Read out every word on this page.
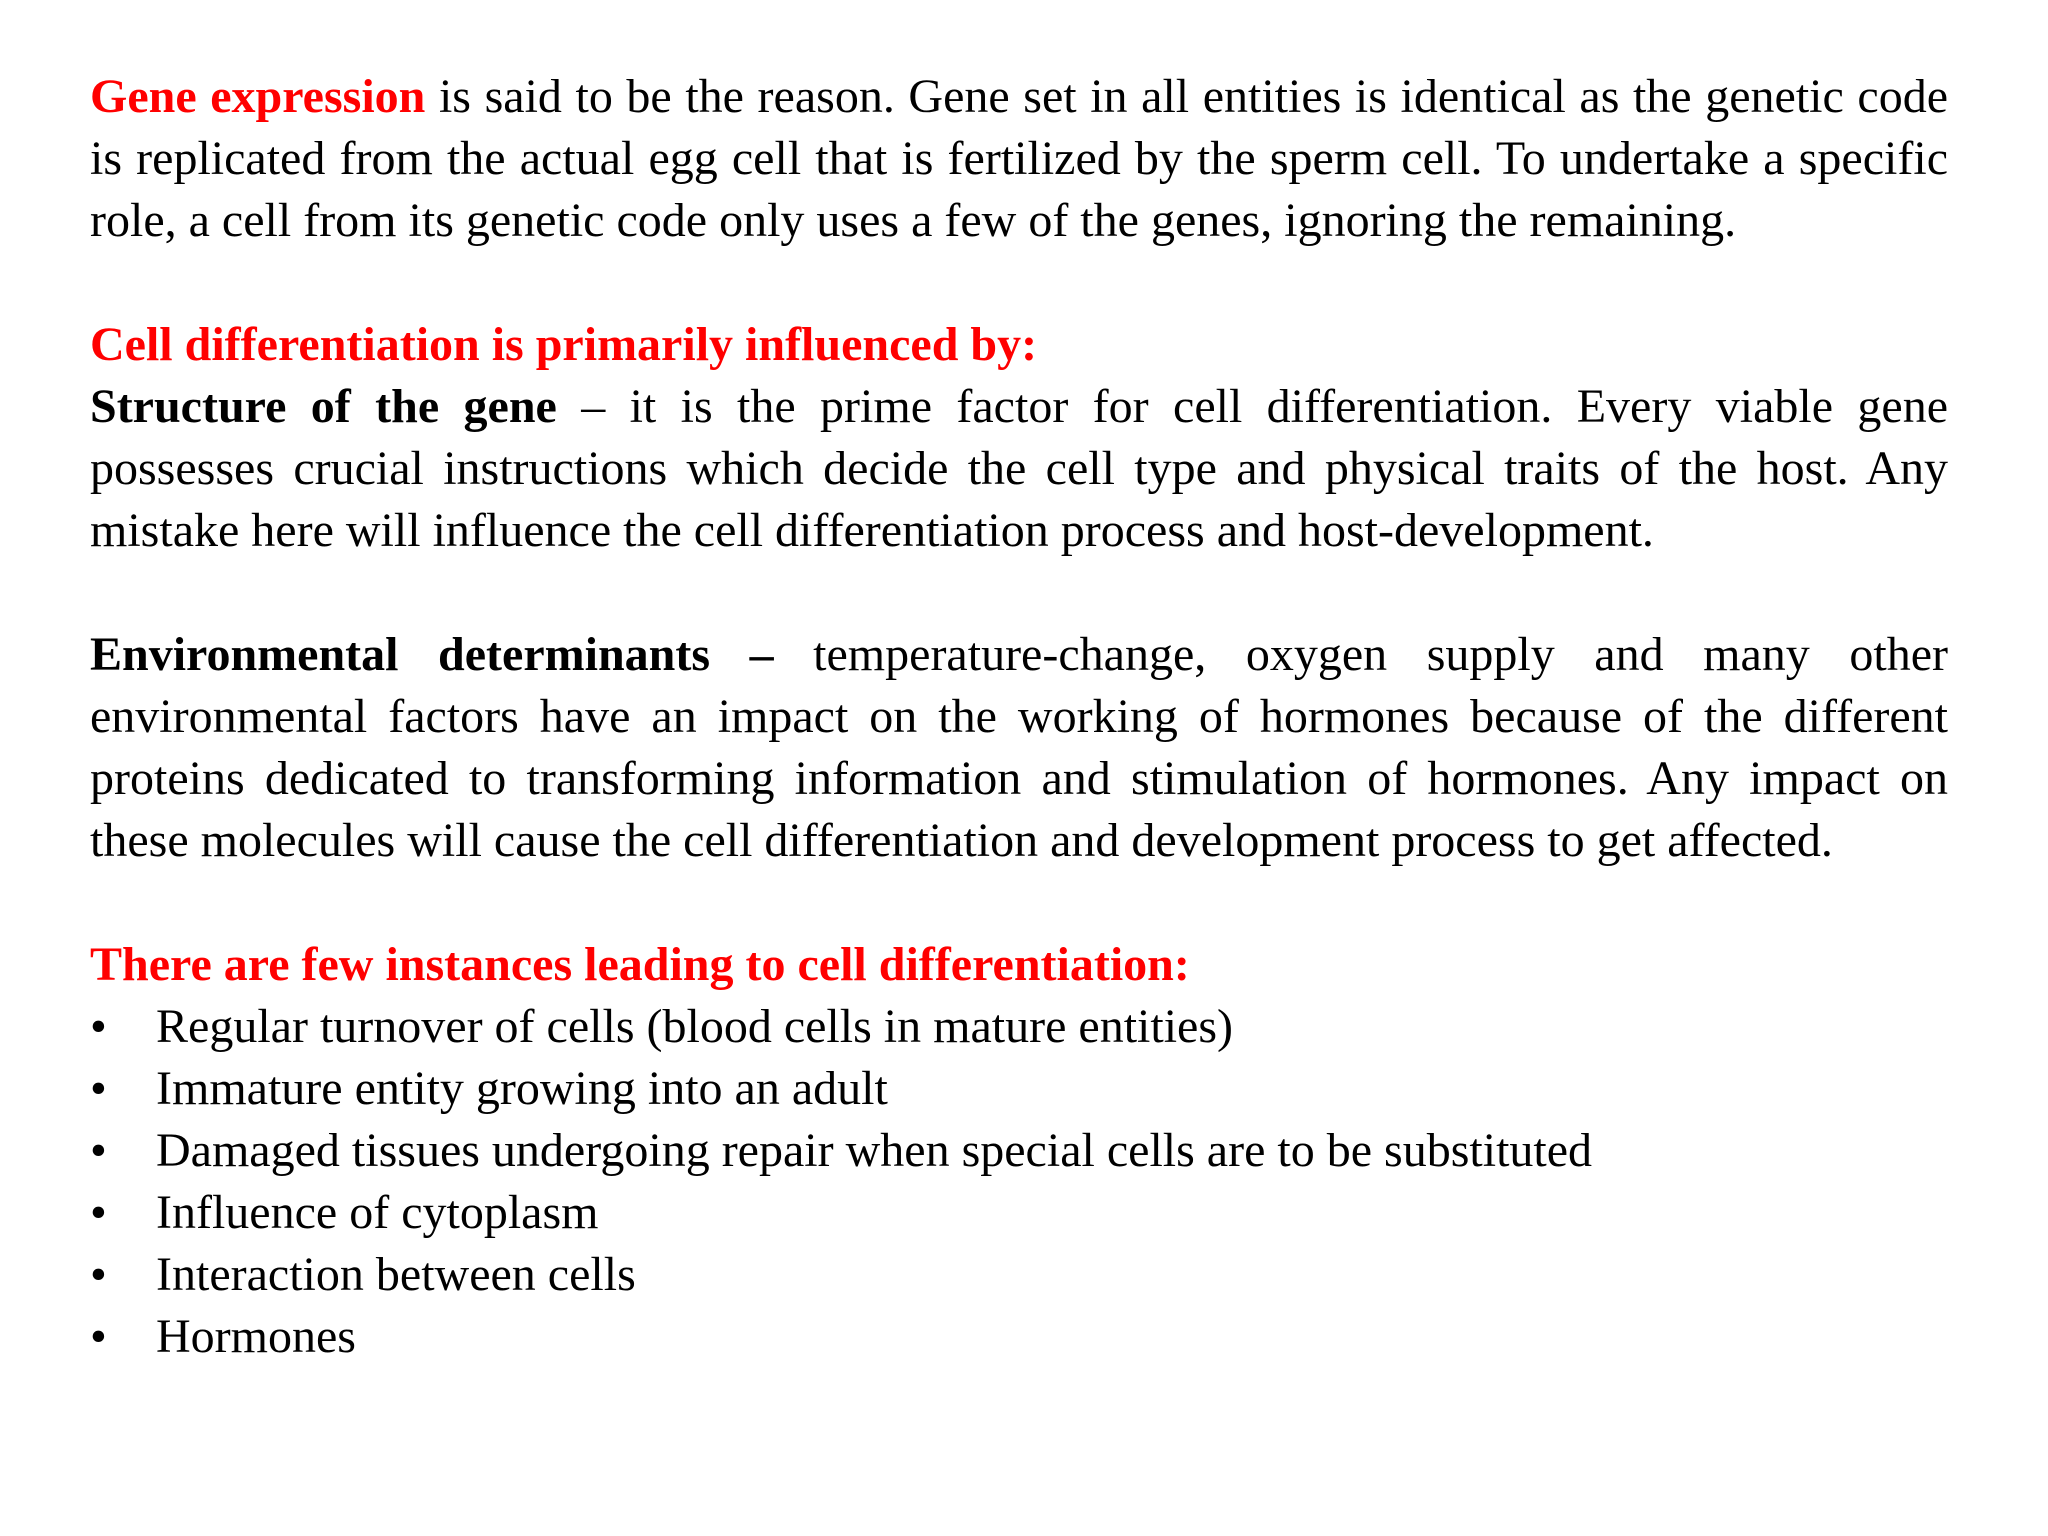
Gene expression is said to be the reason. Gene set in all entities is identical as the genetic code is replicated from the actual egg cell that is fertilized by the sperm cell. To undertake a specific role, a cell from its genetic code only uses a few of the genes, ignoring the remaining.

Cell differentiation is primarily influenced by:

Structure of the gene – it is the prime factor for cell differentiation. Every viable gene possesses crucial instructions which decide the cell type and physical traits of the host. Any mistake here will influence the cell differentiation process and host-development.

Environmental determinants – temperature-change, oxygen supply and many other environmental factors have an impact on the working of hormones because of the different proteins dedicated to transforming information and stimulation of hormones. Any impact on these molecules will cause the cell differentiation and development process to get affected.

There are few instances leading to cell differentiation:

• Regular turnover of cells (blood cells in mature entities)
• Immature entity growing into an adult
• Damaged tissues undergoing repair when special cells are to be substituted
• Influence of cytoplasm
• Interaction between cells
• Hormones
